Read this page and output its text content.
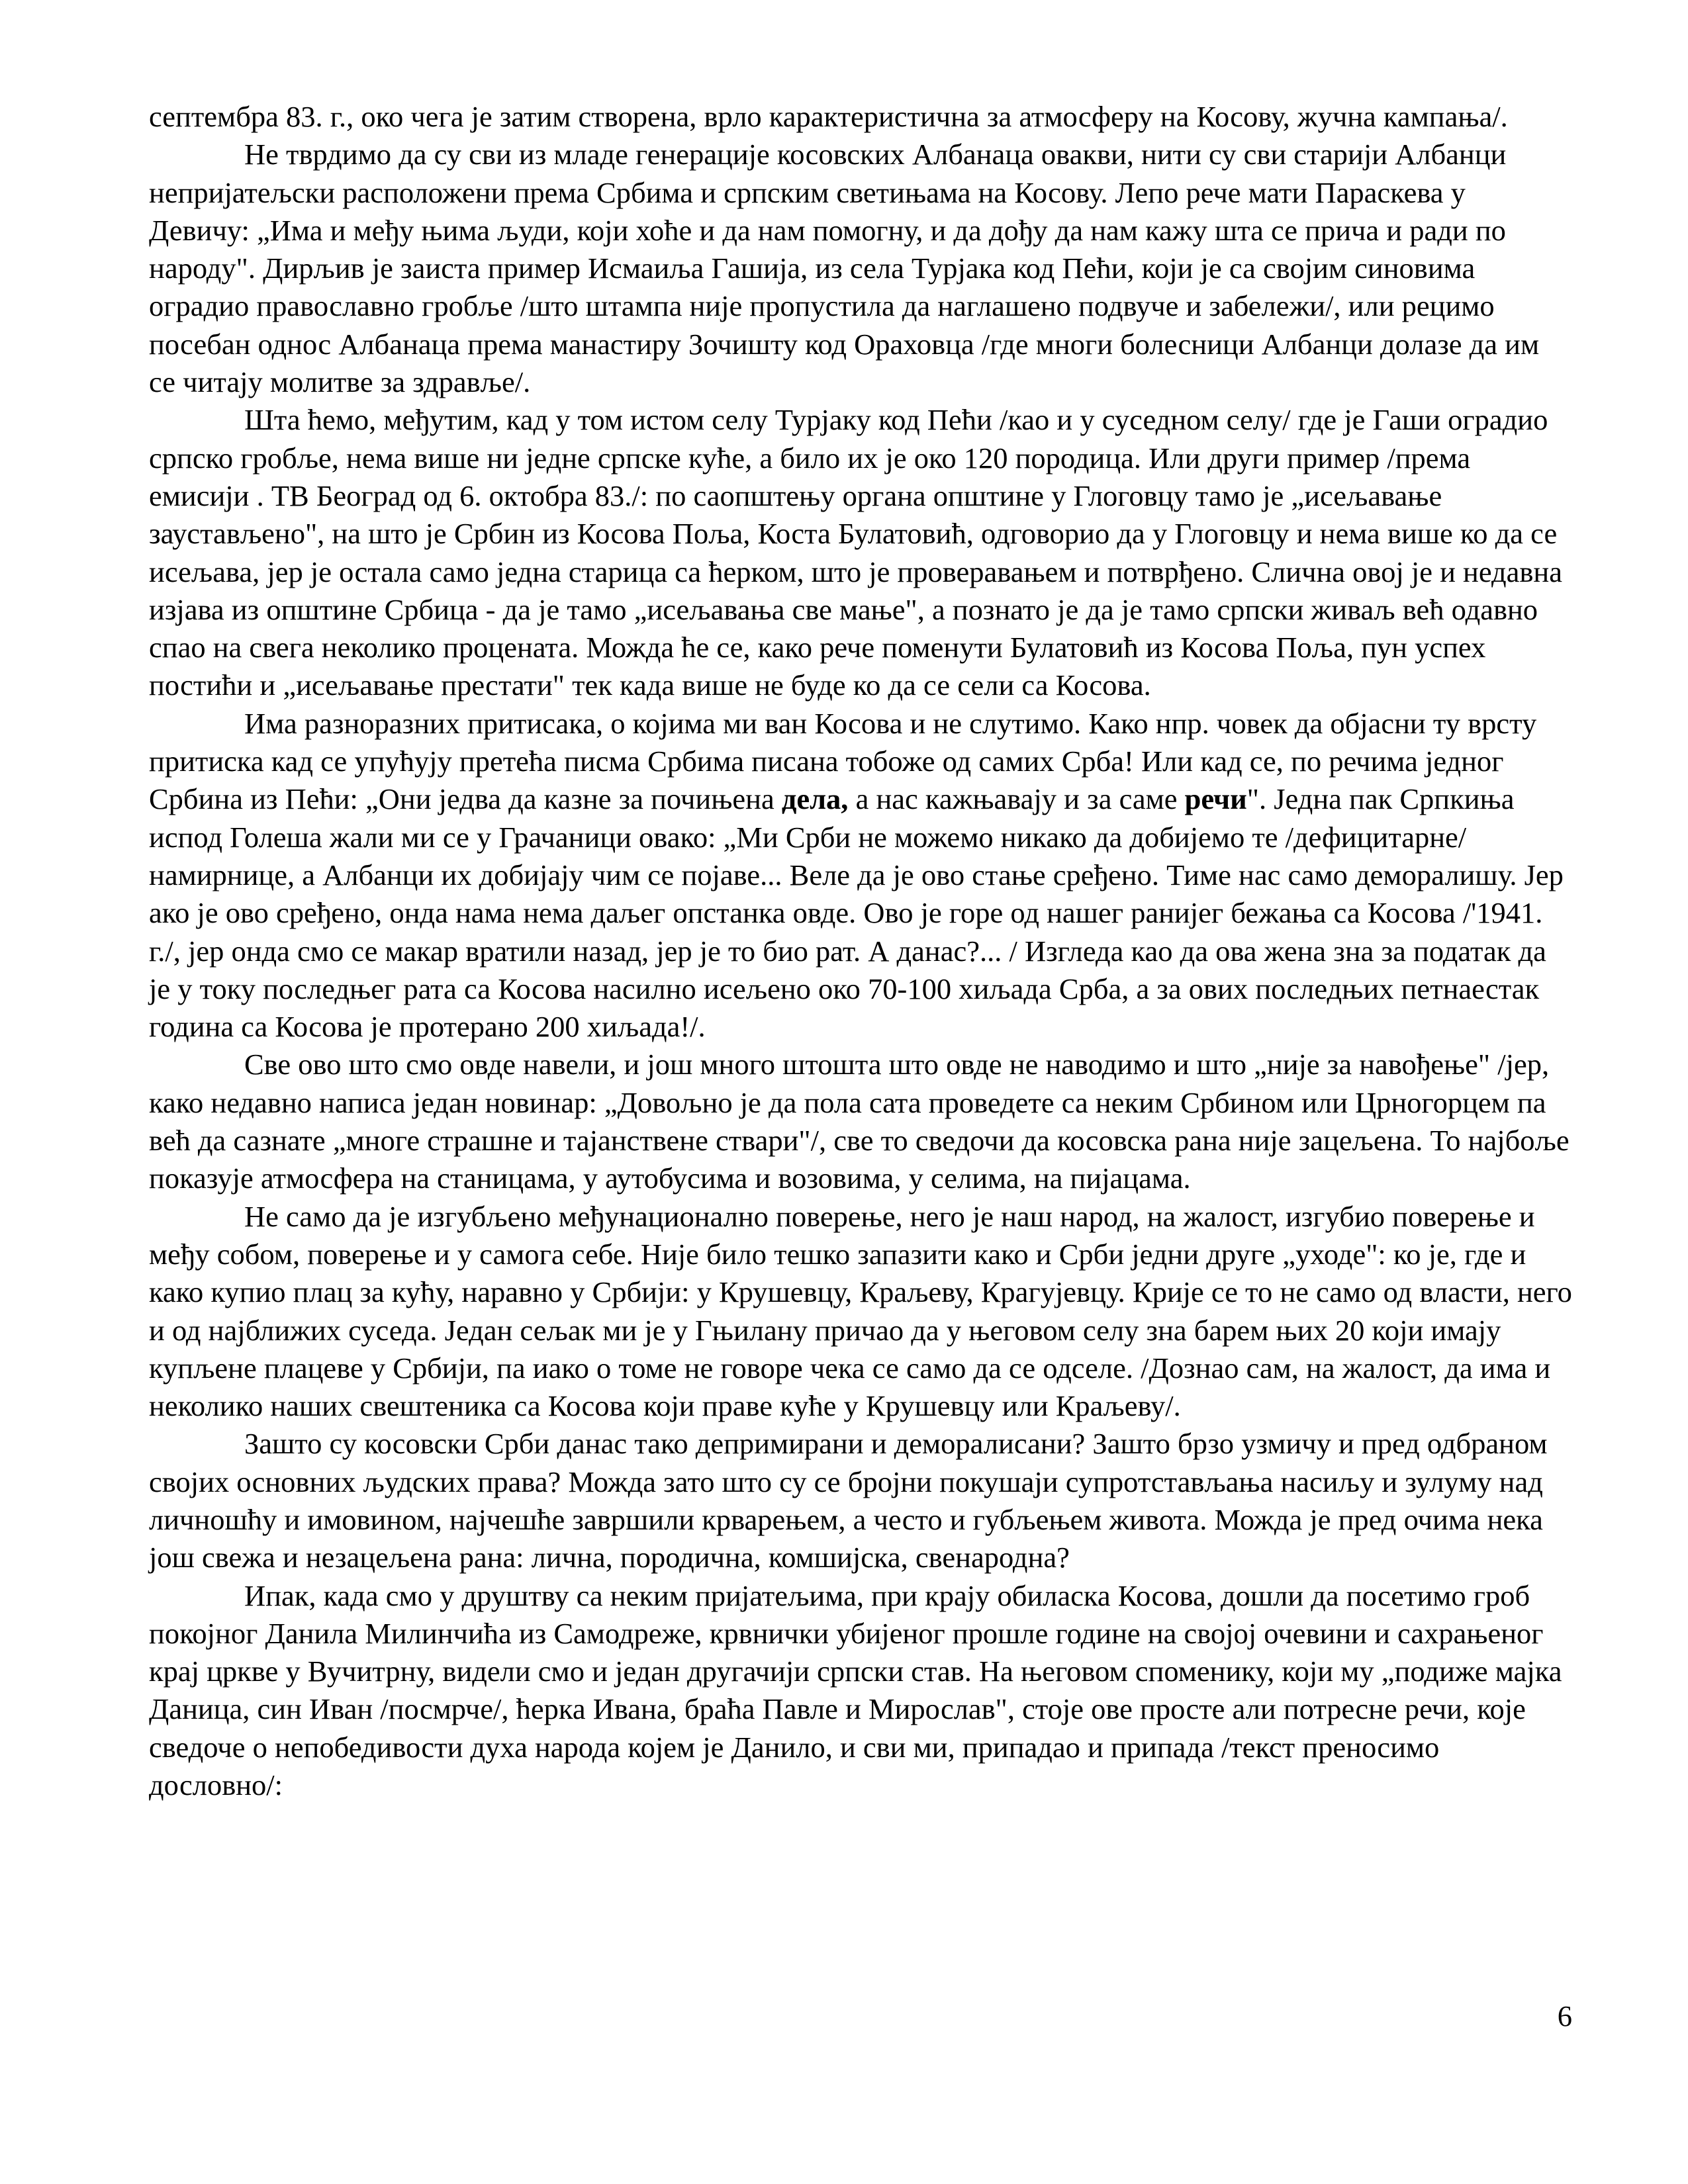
септембра 83. г., око чега је затим створена, врло карактеристична за атмосферу на Косову, жучна кампања/.

Не тврдимо да су сви из младе генерације косовских Албанаца овакви, нити су сви старији Албанци непријатељски расположени према Србима и српским светињама на Косову. Лепо рече мати Параскева у Девичу: „Има и међу њима људи, који хоће и да нам помогну, и да дођу да нам кажу шта се прича и ради по народу". Дирљив је заиста пример Исмаиља Гашија, из села Турјака код Пећи, који је са својим синовима оградио православно гробље /што штампа није пропустила да наглашено подвуче и забележи/, или рецимо посебан однос Албанаца према манастиру Зочишту код Ораховца /где многи болесници Албанци долазе да им се читају молитве за здравље/.

Шта ћемо, међутим, кад у том истом селу Турјаку код Пећи /као и у суседном селу/ где је Гаши оградио српско гробље, нема више ни једне српске куће, а било их је око 120 породица. Или други пример /према емисији . ТВ Београд од 6. октобра 83./: по саопштењу органа општине у Глоговцу тамо је „исељавање заустављено", на што је Србин из Косова Поља, Коста Булатовић, одговорио да у Глоговцу и нема више ко да се исељава, јер је остала само једна старица са ћерком, што је проверавањем и потврђено. Слична овој је и недавна изјава из општине Србица - да је тамо „исељавања све мање", а познато је да је тамо српски живаљ већ одавно спао на свега неколико процената. Можда ће се, како рече поменути Булатовић из Косова Поља, пун успех постићи и „исељавање престати" тек када више не буде ко да се сели са Косова.

Има разноразних притисака, о којима ми ван Косова и не слутимо. Како нпр. човек да објасни ту врсту притиска кад се упућују претећа писма Србима писана тобоже од самих Срба! Или кад се, по речима једног Србина из Пећи: „Они једва да казне за почињена дела, а нас кажњавају и за саме речи". Једна пак Српкиња испод Голеша жали ми се у Грачаници овако: „Ми Срби не можемо никако да добијемо те /дефицитарне/ намирнице, а Албанци их добијају чим се појаве... Веле да је ово стање сређено. Тиме нас само деморалишу. Јер ако је ово сређено, онда нама нема даљег опстанка овде. Ово је горе од нашег ранијег бежања са Косова /'1941. г./, јер онда смо се макар вратили назад, јер је то био рат. А данас?... / Изгледа као да ова жена зна за податак да је у току последњег рата са Косова насилно исељено око 70-100 хиљада Срба, а за ових последњих петнаестак година са Косова је протерано 200 хиљада!/.

Све ово што смо овде навели, и још много штошта што овде не наводимо и што „није за навођење" /јер, како недавно написа један новинар: „Довољно је да пола сата проведете са неким Србином или Црногорцем па већ да сазнате „многе страшне и тајанствене ствари"/, све то сведочи да косовска рана није зацељена. То најбоље показује атмосфера на станицама, у аутобусима и возовима, у селима, на пијацама.

Не само да је изгубљено међунационално поверење, него је наш народ, на жалост, изгубио поверење и међу собом, поверење и у самога себе. Није било тешко запазити како и Срби једни друге „уходе": ко је, где и како купио плац за кућу, наравно у Србији: у Крушевцу, Краљеву, Крагујевцу. Крије се то не само од власти, него и од најближих суседа. Један сељак ми је у Гњилану причао да у његовом селу зна барем њих 20 који имају купљене плацеве у Србији, па иако о томе не говоре чека се само да се одселе. /Дознао сам, на жалост, да има и неколико наших свештеника са Косова који праве куће у Крушевцу или Краљеву/.

Зашто су косовски Срби данас тако депримирани и деморалисани? Зашто брзо узмичу и пред одбраном својих основних људских права? Можда зато што су се бројни покушаји супротстављања насиљу и зулуму над личношћу и имовином, најчешће завршили крварењем, а често и губљењем живота. Можда је пред очима нека још свежа и незацељена рана: лична, породична, комшијска, свенародна?

Ипак, када смо у друштву са неким пријатељима, при крају обиласка Косова, дошли да посетимо гроб покојног Данила Милинчића из Самодреже, крвнички убијеног прошле године на својој очевини и сахрањеног крај цркве у Вучитрну, видели смо и један другачији српски став. На његовом споменику, који му „подиже мајка Даница, син Иван /посмрче/, ћерка Ивана, браћа Павле и Мирослав", стоје ове просте али потресне речи, које сведоче о непобедивости духа народа којем је Данило, и сви ми, припадао и припада /текст преносимо дословно/:

6
